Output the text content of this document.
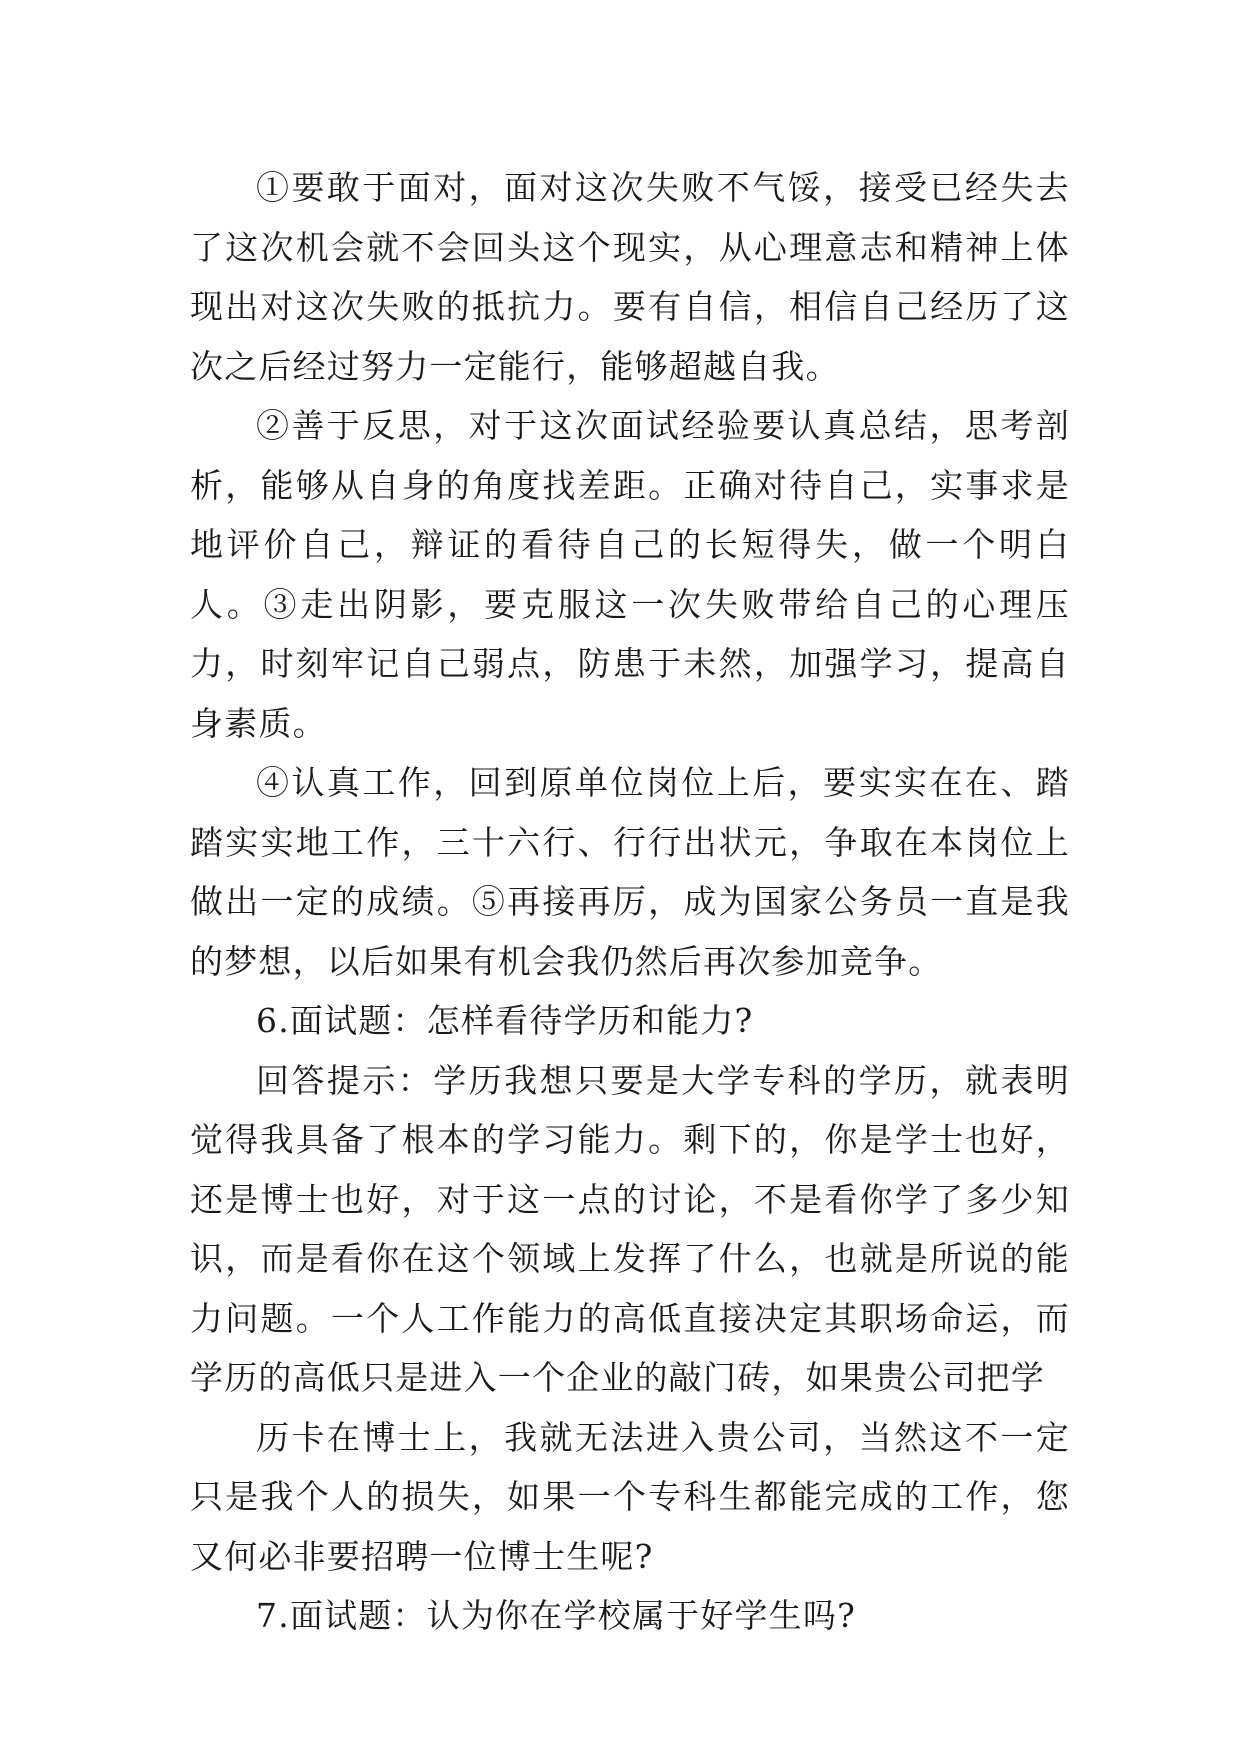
①要敢于面对，面对这次失败不气馁，接受已经失去了这次机会就不会回头这个现实，从心理意志和精神上体现出对这次失败的抵抗力。要有自信，相信自己经历了这次之后经过努力一定能行，能够超越自我。

②善于反思，对于这次面试经验要认真总结，思考剖析，能够从自身的角度找差距。正确对待自己，实事求是地评价自己，辩证的看待自己的长短得失，做一个明白人。③走出阴影，要克服这一次失败带给自己的心理压力，时刻牢记自己弱点，防患于未然，加强学习，提高自身素质。

④认真工作，回到原单位岗位上后，要实实在在、踏踏实实地工作，三十六行、行行出状元，争取在本岗位上做出一定的成绩。⑤再接再厉，成为国家公务员一直是我的梦想，以后如果有机会我仍然后再次参加竞争。

6.面试题：怎样看待学历和能力?

回答提示：学历我想只要是大学专科的学历，就表明觉得我具备了根本的学习能力。剩下的，你是学士也好，还是博士也好，对于这一点的讨论，不是看你学了多少知识，而是看你在这个领域上发挥了什么，也就是所说的能力问题。一个人工作能力的高低直接决定其职场命运，而学历的高低只是进入一个企业的敲门砖，如果贵公司把学

历卡在博士上，我就无法进入贵公司，当然这不一定只是我个人的损失，如果一个专科生都能完成的工作，您又何必非要招聘一位博士生呢?

7.面试题：认为你在学校属于好学生吗?
